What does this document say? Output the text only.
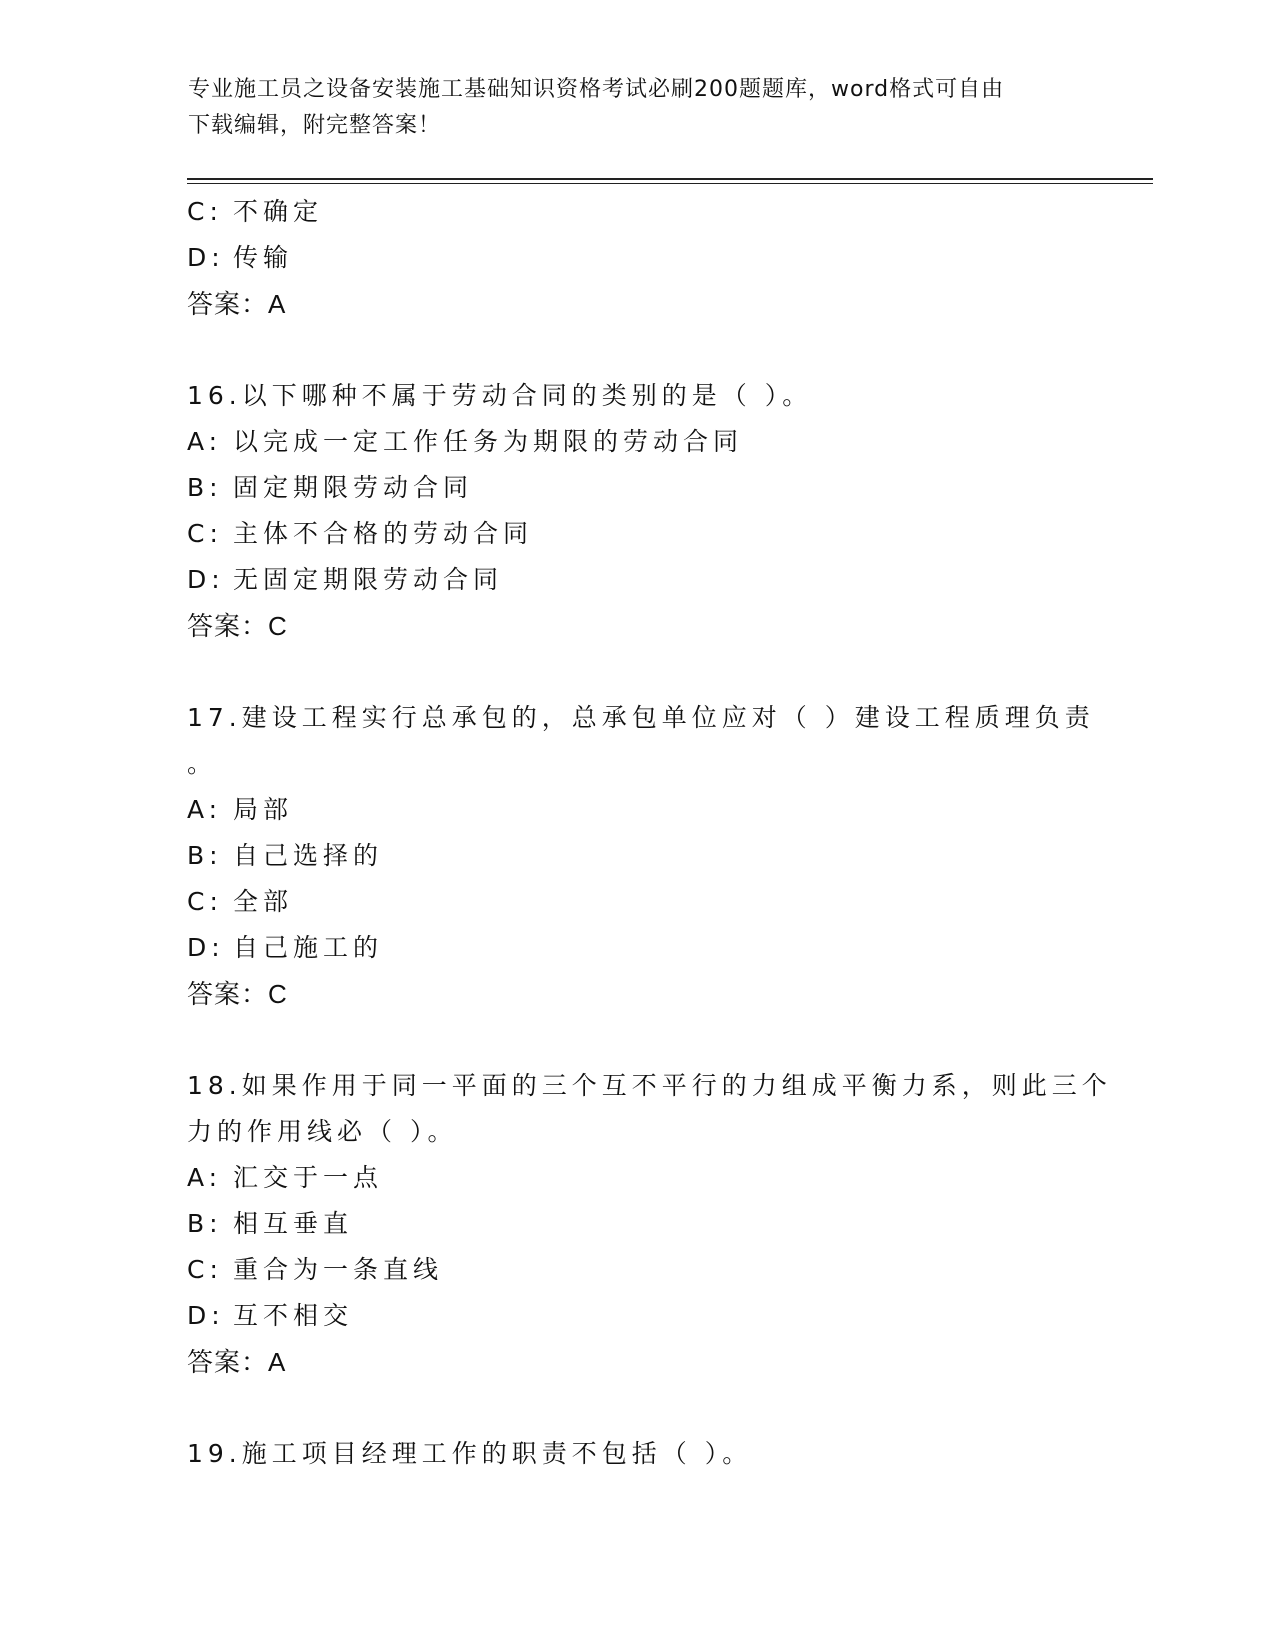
专业施工员之设备安装施工基础知识资格考试必刷200题题库，word格式可自由
下载编辑，附完整答案！
C: 不确定
D: 传输
答案：A
16.以下哪种不属于劳动合同的类别的是（ ）。
A: 以完成一定工作任务为期限的劳动合同
B: 固定期限劳动合同
C: 主体不合格的劳动合同
D: 无固定期限劳动合同
答案：C
17.建设工程实行总承包的，总承包单位应对（ ）建设工程质理负责
。
A: 局部
B: 自己选择的
C: 全部
D: 自己施工的
答案：C
18.如果作用于同一平面的三个互不平行的力组成平衡力系，则此三个
力的作用线必（ ）。
A: 汇交于一点
B: 相互垂直
C: 重合为一条直线
D: 互不相交
答案：A
19.施工项目经理工作的职责不包括（ ）。
